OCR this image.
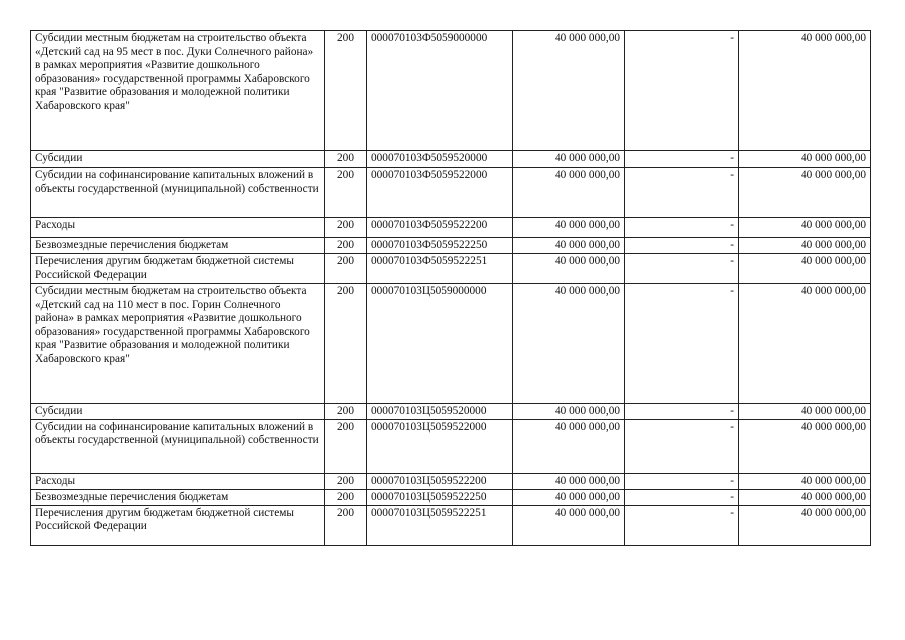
Субсидии местным бюджетам на строительство объекта «Детский сад на 95 мест в пос. Дуки Солнечного района» в рамках мероприятия «Развитие дошкольного образования» государственной программы Хабаровского края "Развитие образования и молодежной политики Хабаровского края"	200	000070103Ф5059000000	40 000 000,00	-	40 000 000,00
Субсидии	200	000070103Ф5059520000	40 000 000,00	-	40 000 000,00
Субсидии на софинансирование капитальных вложений в объекты государственной (муниципальной) собственности	200	000070103Ф5059522000	40 000 000,00	-	40 000 000,00
Расходы	200	000070103Ф5059522200	40 000 000,00	-	40 000 000,00
Безвозмездные перечисления бюджетам	200	000070103Ф5059522250	40 000 000,00	-	40 000 000,00
Перечисления другим бюджетам бюджетной системы Российской Федерации	200	000070103Ф5059522251	40 000 000,00	-	40 000 000,00
Субсидии местным бюджетам на строительство объекта «Детский сад на 110 мест в пос. Горин Солнечного района» в рамках мероприятия «Развитие дошкольного образования» государственной программы Хабаровского края "Развитие образования и молодежной политики Хабаровского края"	200	000070103Ц5059000000	40 000 000,00	-	40 000 000,00
Субсидии	200	000070103Ц5059520000	40 000 000,00	-	40 000 000,00
Субсидии на софинансирование капитальных вложений в объекты государственной (муниципальной) собственности	200	000070103Ц5059522000	40 000 000,00	-	40 000 000,00
Расходы	200	000070103Ц5059522200	40 000 000,00	-	40 000 000,00
Безвозмездные перечисления бюджетам	200	000070103Ц5059522250	40 000 000,00	-	40 000 000,00
Перечисления другим бюджетам бюджетной системы Российской Федерации	200	000070103Ц5059522251	40 000 000,00	-	40 000 000,00
